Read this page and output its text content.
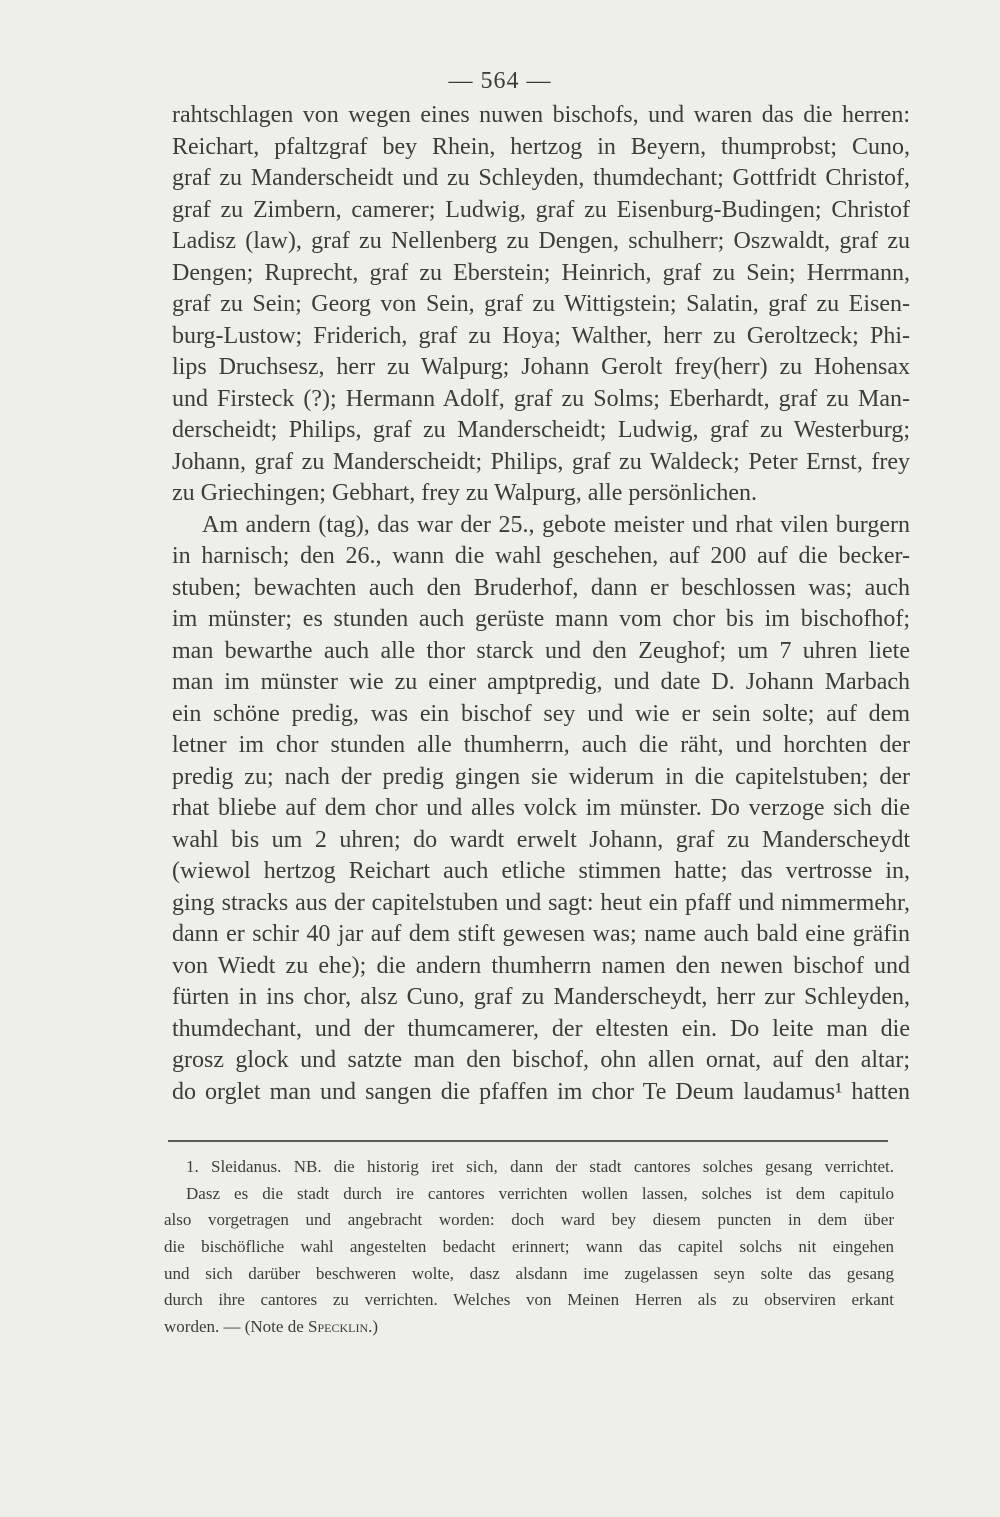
— 564 —
rahtschlagen von wegen eines nuwen bischofs, und waren das die herren:
Reichart, pfaltzgraf bey Rhein, hertzog in Beyern, thumprobst; Cuno,
graf zu Manderscheidt und zu Schleyden, thumdechant; Gottfridt Christof,
graf zu Zimbern, camerer; Ludwig, graf zu Eisenburg-Budingen; Christof
Ladisz (law), graf zu Nellenberg zu Dengen, schulherr; Oszwaldt, graf zu
Dengen; Ruprecht, graf zu Eberstein; Heinrich, graf zu Sein; Herrmann,
graf zu Sein; Georg von Sein, graf zu Wittigstein; Salatin, graf zu Eisen-
burg-Lustow; Friderich, graf zu Hoya; Walther, herr zu Geroltzeck; Phi-
lips Druchsesz, herr zu Walpurg; Johann Gerolt frey(herr) zu Hohensax
und Firsteck (?); Hermann Adolf, graf zu Solms; Eberhardt, graf zu Man-
derscheidt; Philips, graf zu Manderscheidt; Ludwig, graf zu Westerburg;
Johann, graf zu Manderscheidt; Philips, graf zu Waldeck; Peter Ernst, frey
zu Griechingen; Gebhart, frey zu Walpurg, alle persönlichen.
Am andern (tag), das war der 25., gebote meister und rhat vilen burgern
in harnisch; den 26., wann die wahl geschehen, auf 200 auf die becker-
stuben; bewachten auch den Bruderhof, dann er beschlossen was; auch
im münster; es stunden auch gerüste mann vom chor bis im bischofhof;
man bewarthe auch alle thor starck und den Zeughof; um 7 uhren liete
man im münster wie zu einer amptpredig, und date D. Johann Marbach
ein schöne predig, was ein bischof sey und wie er sein solte; auf dem
letner im chor stunden alle thumherrn, auch die räht, und horchten der
predig zu; nach der predig gingen sie widerum in die capitelstuben; der
rhat bliebe auf dem chor und alles volck im münster. Do verzoge sich die
wahl bis um 2 uhren; do wardt erwelt Johann, graf zu Manderscheydt
(wiewol hertzog Reichart auch etliche stimmen hatte; das vertrosse in,
ging stracks aus der capitelstuben und sagt: heut ein pfaff und nimmermehr,
dann er schir 40 jar auf dem stift gewesen was; name auch bald eine gräfin
von Wiedt zu ehe); die andern thumherrn namen den newen bischof und
fürten in ins chor, alsz Cuno, graf zu Manderscheydt, herr zur Schleyden,
thumdechant, und der thumcamerer, der eltesten ein. Do leite man die
grosz glock und satzte man den bischof, ohn allen ornat, auf den altar;
do orglet man und sangen die pfaffen im chor Te Deum laudamus¹ hatten
1. Sleidanus. NB. die historig iret sich, dann der stadt cantores solches gesang verrichtet.
Dasz es die stadt durch ire cantores verrichten wollen lassen, solches ist dem capitulo
also vorgetragen und angebracht worden: doch ward bey diesem puncten in dem über
die bischöfliche wahl angestelten bedacht erinnert; wann das capitel solchs nit eingehen
und sich darüber beschweren wolte, dasz alsdann ime zugelassen seyn solte das gesang
durch ihre cantores zu verrichten. Welches von Meinen Herren als zu observiren erkant
worden. — (Note de Specklin.)
